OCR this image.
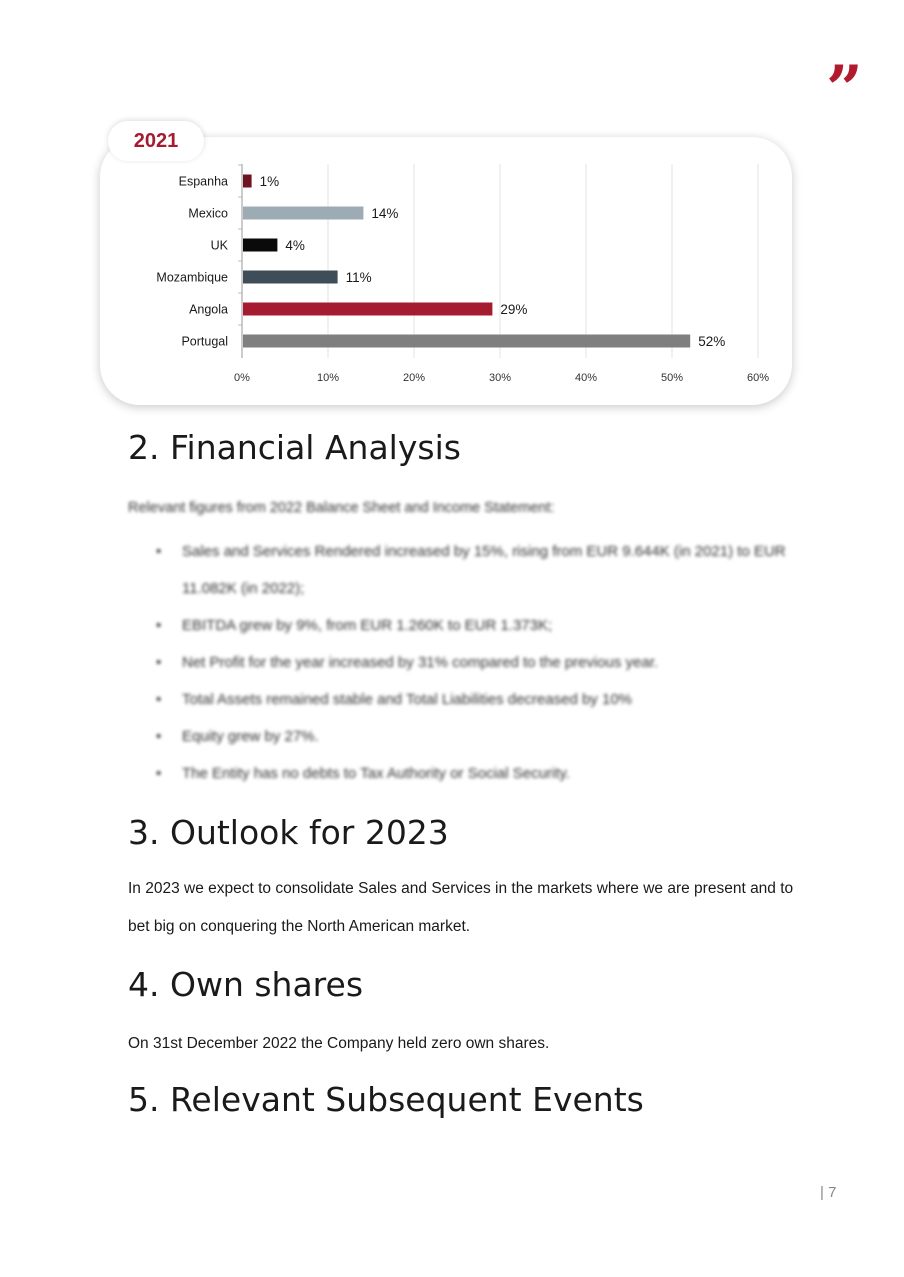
”
2021
0%	10%	20%	30%	40%	50%	60%
Espanha 1%
Mexico	14%
UK	4%
Mozambique	11%
Angola	29%
Portugal	52%
2. Financial Analysis

Relevant figures from 2022 Balance Sheet and Income Statement:

• Sales and Services Rendered increased by 15%, rising from EUR 9.644K (in 2021) to EUR 11.082K (in 2022);
• EBITDA grew by 9%, from EUR 1.260K to EUR 1.373K;
• Net Profit for the year increased by 31% compared to the previous year.
• Total Assets remained stable and Total Liabilities decreased by 10%
• Equity grew by 27%.
• The Entity has no debts to Tax Authority or Social Security.
3. Outlook for 2023

In 2023 we expect to consolidate Sales and Services in the markets where we are present and to bet big on conquering the North American market.

4. Own shares

On 31st December 2022 the Company held zero own shares.

5. Relevant Subsequent Events
| 7
